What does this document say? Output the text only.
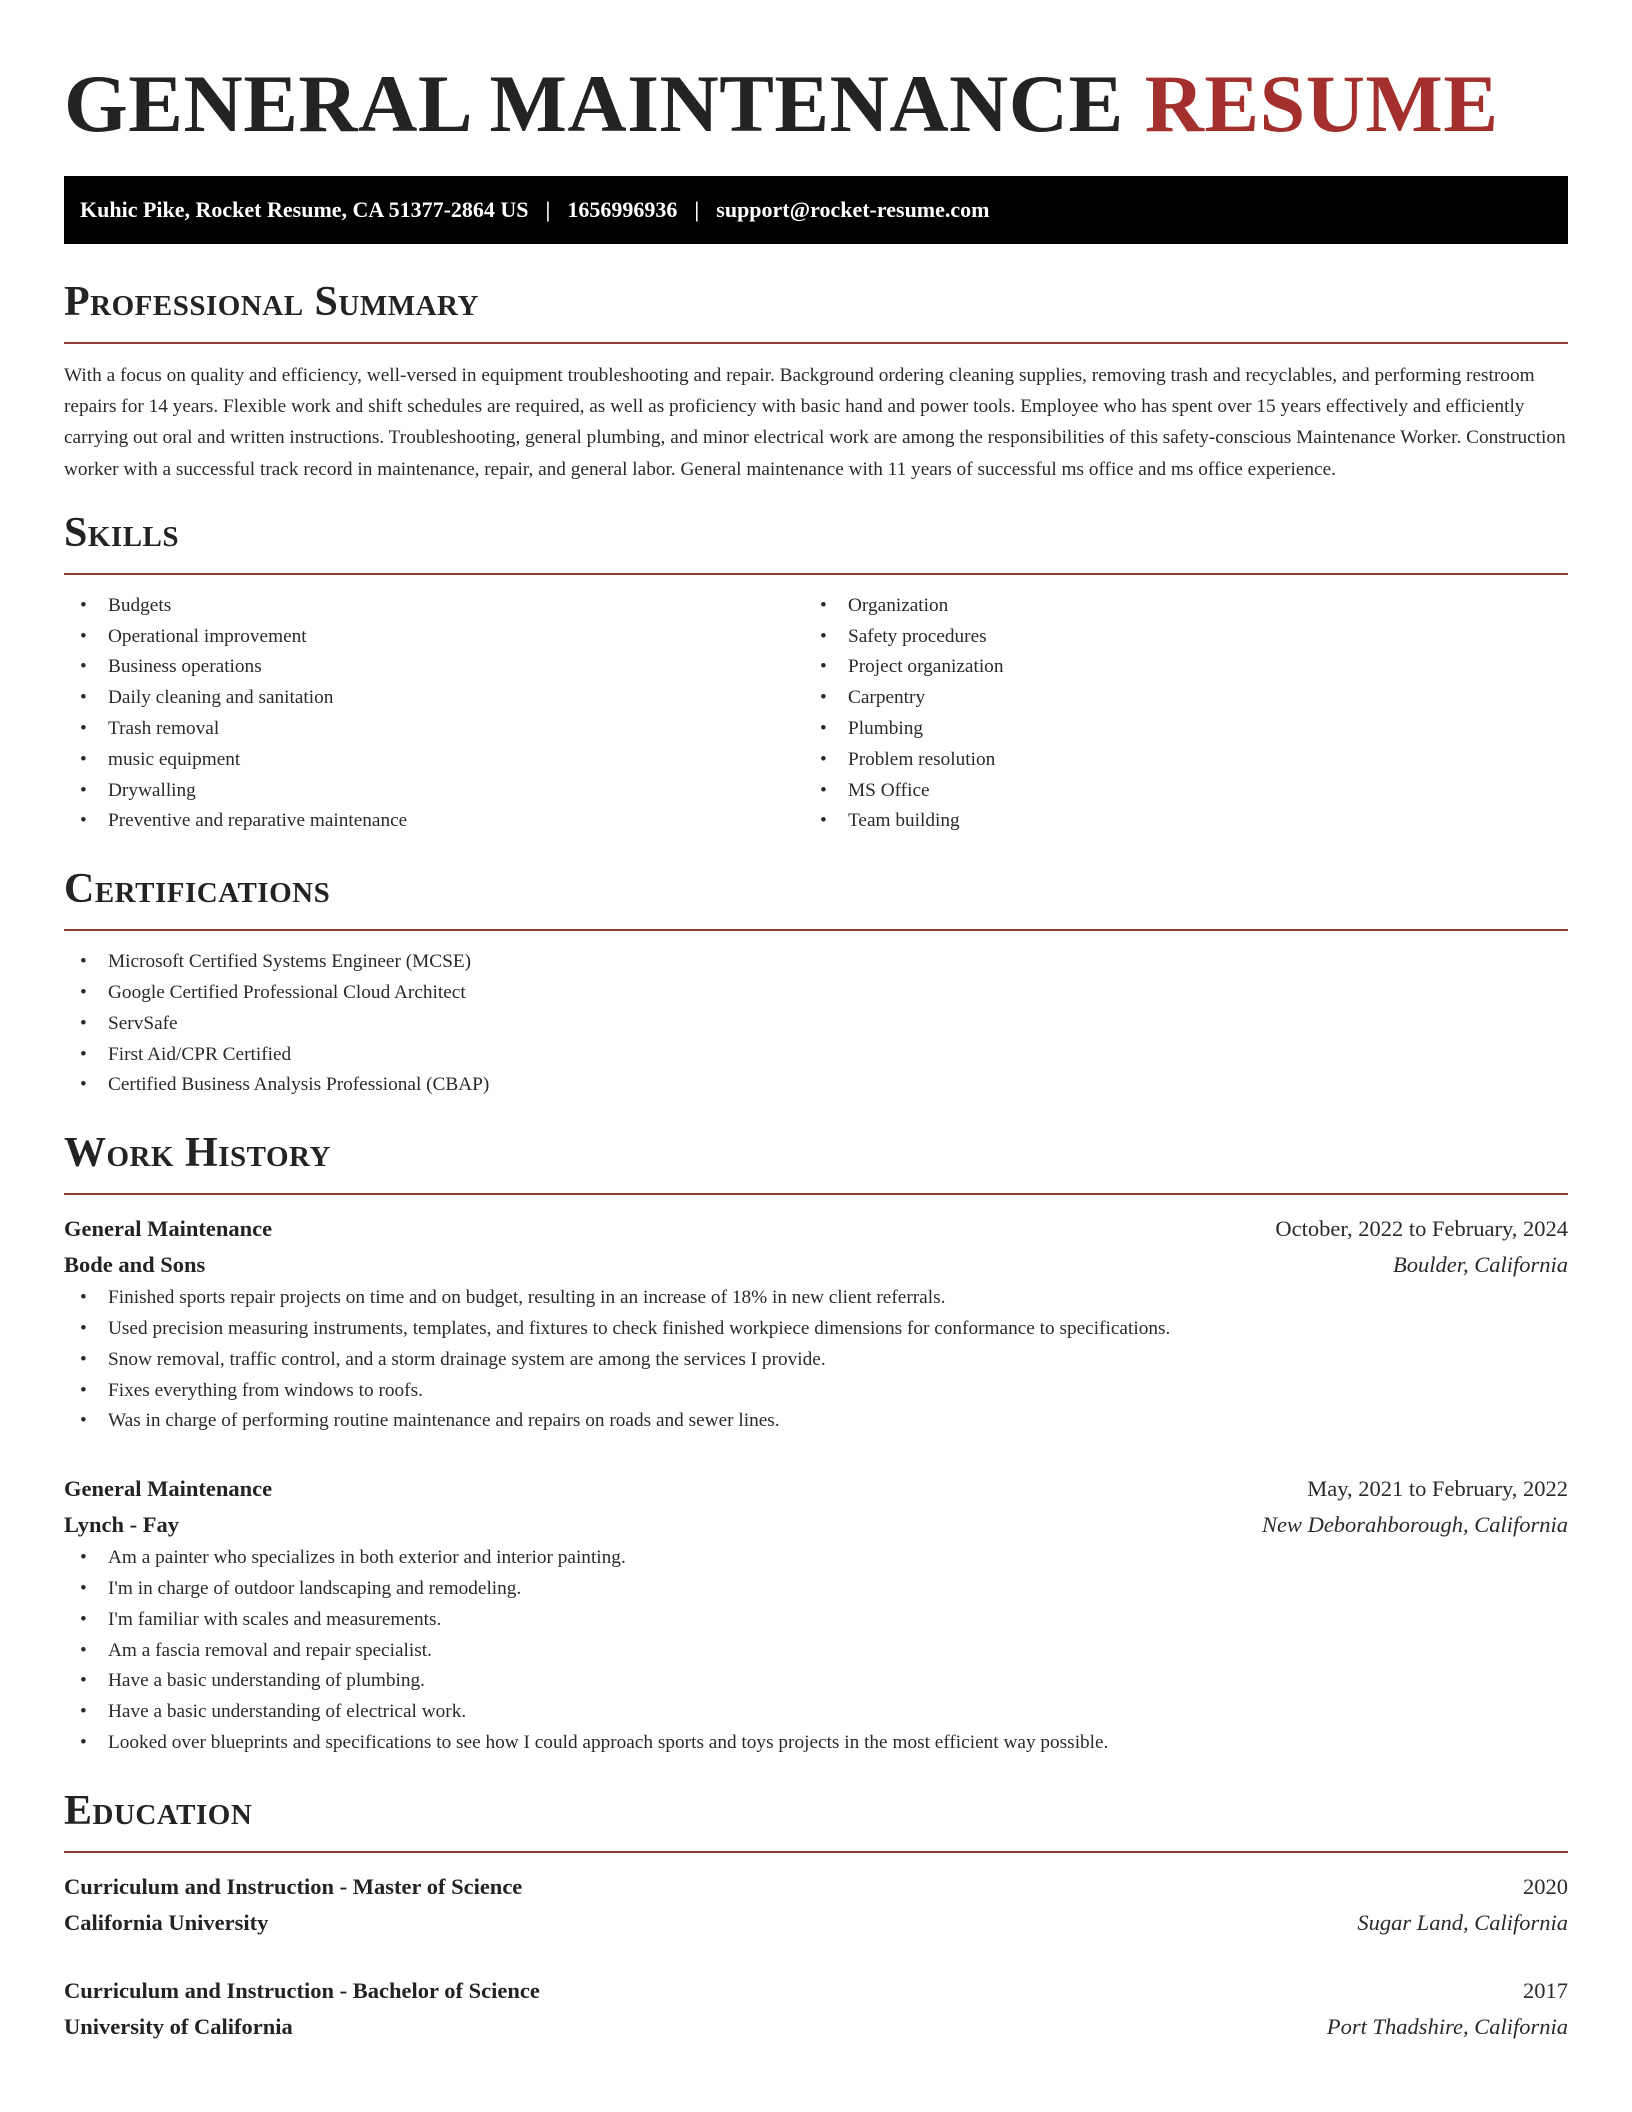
GENERAL MAINTENANCE RESUME
Kuhic Pike, Rocket Resume, CA 51377-2864 US | 1656996936 | support@rocket-resume.com
Professional Summary

With a focus on quality and efficiency, well-versed in equipment troubleshooting and repair. Background ordering cleaning supplies, removing trash and recyclables, and performing restroom repairs for 14 years. Flexible work and shift schedules are required, as well as proficiency with basic hand and power tools. Employee who has spent over 15 years effectively and efficiently carrying out oral and written instructions. Troubleshooting, general plumbing, and minor electrical work are among the responsibilities of this safety-conscious Maintenance Worker. Construction worker with a successful track record in maintenance, repair, and general labor. General maintenance with 11 years of successful ms office and ms office experience.

Skills
• Budgets
• Operational improvement
• Business operations
• Daily cleaning and sanitation
• Trash removal
• music equipment
• Drywalling
• Preventive and reparative maintenance
• Organization
• Safety procedures
• Project organization
• Carpentry
• Plumbing
• Problem resolution
• MS Office
• Team building
Certifications
• Microsoft Certified Systems Engineer (MCSE)
• Google Certified Professional Cloud Architect
• ServSafe
• First Aid/CPR Certified
• Certified Business Analysis Professional (CBAP)
Work History
General Maintenance	October, 2022 to February, 2024
Bode and Sons	Boulder, California
• Finished sports repair projects on time and on budget, resulting in an increase of 18% in new client referrals.
• Used precision measuring instruments, templates, and fixtures to check finished workpiece dimensions for conformance to specifications.
• Snow removal, traffic control, and a storm drainage system are among the services I provide.
• Fixes everything from windows to roofs.
• Was in charge of performing routine maintenance and repairs on roads and sewer lines.
General Maintenance	May, 2021 to February, 2022
Lynch - Fay	New Deborahborough, California
• Am a painter who specializes in both exterior and interior painting.
• I'm in charge of outdoor landscaping and remodeling.
• I'm familiar with scales and measurements.
• Am a fascia removal and repair specialist.
• Have a basic understanding of plumbing.
• Have a basic understanding of electrical work.
• Looked over blueprints and specifications to see how I could approach sports and toys projects in the most efficient way possible.
Education
Curriculum and Instruction - Master of Science	2020
California University	Sugar Land, California
Curriculum and Instruction - Bachelor of Science	2017
University of California	Port Thadshire, California
